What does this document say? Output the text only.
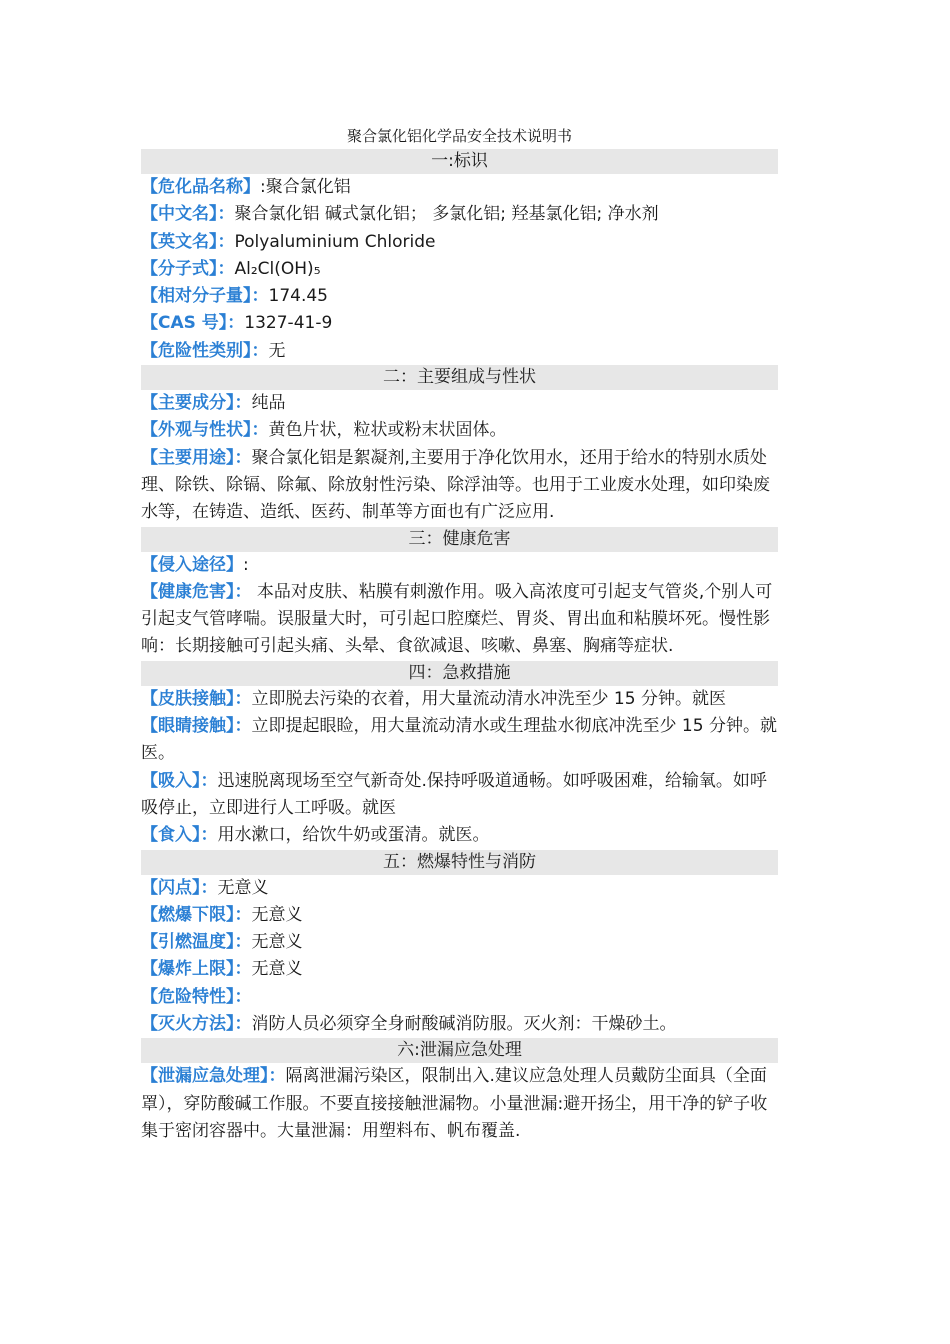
聚合氯化铝化学品安全技术说明书
一:标识

【危化品名称】:聚合氯化铝

【中文名】：聚合氯化铝 碱式氯化铝； 多氯化铝; 羟基氯化铝; 净水剂

【英文名】：Polyaluminium Chloride

【分子式】：Al₂Cl(OH)₅

【相对分子量】：174.45

【CAS 号】：1327-41-9

【危险性类别】：无

二：主要组成与性状

【主要成分】：纯品

【外观与性状】：黄色片状，粒状或粉末状固体。

【主要用途】：聚合氯化铝是絮凝剂,主要用于净化饮用水，还用于给水的特别水质处理、除铁、除镉、除氟、除放射性污染、除浮油等。也用于工业废水处理，如印染废水等，在铸造、造纸、医药、制革等方面也有广泛应用.

三：健康危害

【侵入途径】:

【健康危害】： 本品对皮肤、粘膜有刺激作用。吸入高浓度可引起支气管炎,个别人可引起支气管哮喘。误服量大时，可引起口腔糜烂、胃炎、胃出血和粘膜坏死。慢性影响：长期接触可引起头痛、头晕、食欲减退、咳嗽、鼻塞、胸痛等症状.

四：急救措施

【皮肤接触】：立即脱去污染的衣着，用大量流动清水冲洗至少 15 分钟。就医

【眼睛接触】：立即提起眼睑，用大量流动清水或生理盐水彻底冲洗至少 15 分钟。就医。

【吸入】：迅速脱离现场至空气新奇处.保持呼吸道通畅。如呼吸困难，给输氧。如呼吸停止，立即进行人工呼吸。就医

【食入】：用水漱口，给饮牛奶或蛋清。就医。

五：燃爆特性与消防

【闪点】：无意义

【燃爆下限】：无意义

【引燃温度】：无意义

【爆炸上限】：无意义

【危险特性】：

【灭火方法】：消防人员必须穿全身耐酸碱消防服。灭火剂：干燥砂土。

六:泄漏应急处理

【泄漏应急处理】：隔离泄漏污染区，限制出入.建议应急处理人员戴防尘面具（全面罩），穿防酸碱工作服。不要直接接触泄漏物。小量泄漏:避开扬尘，用干净的铲子收集于密闭容器中。大量泄漏：用塑料布、帆布覆盖.
